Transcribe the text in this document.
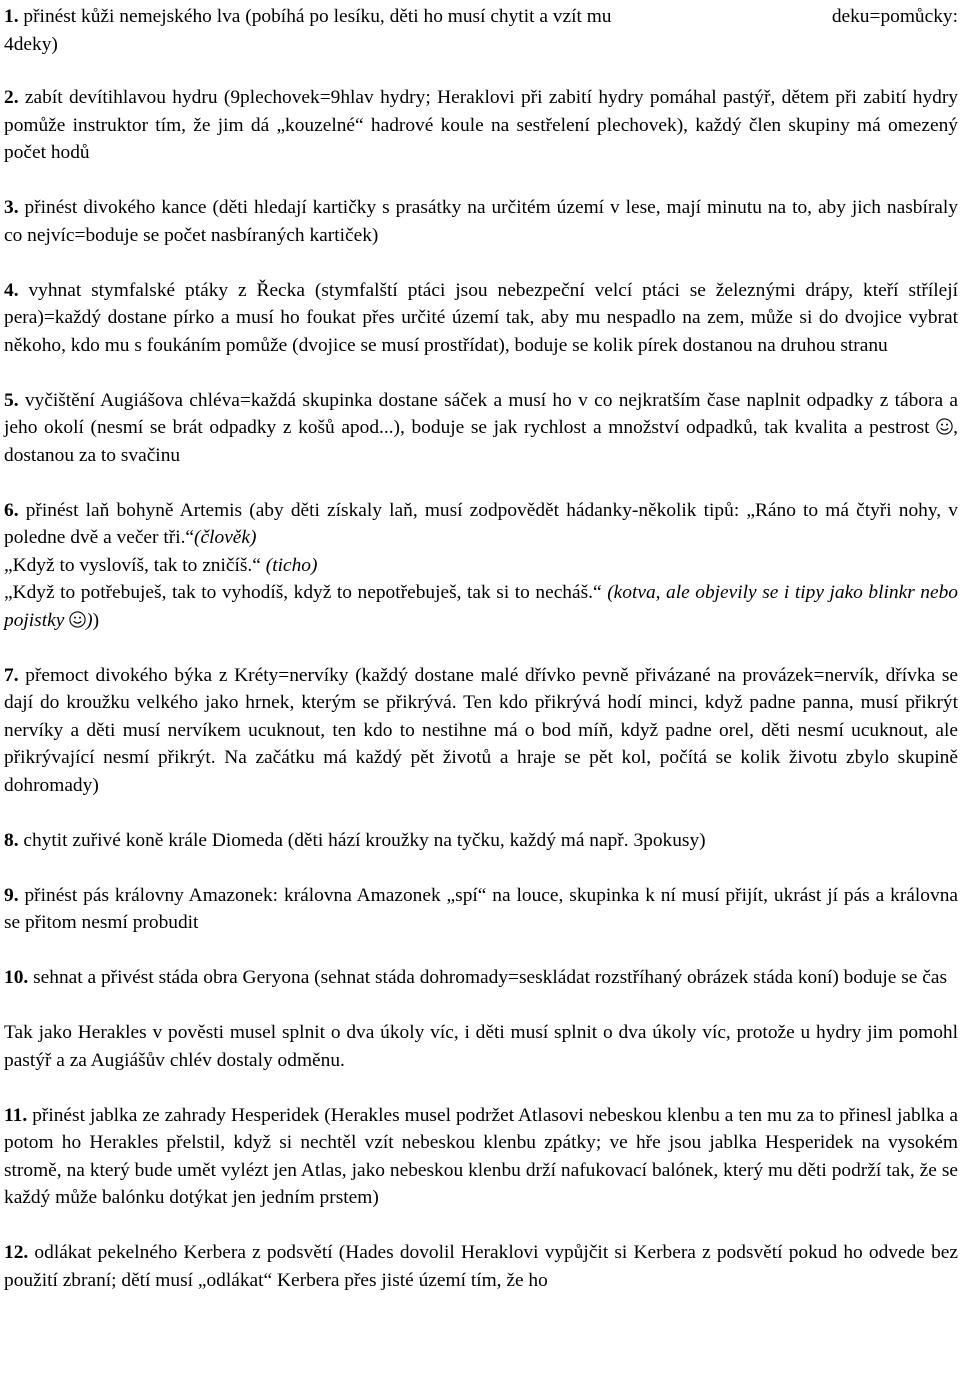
deku=pomůcky:
1. přinést kůži nemejského lva (pobíhá po lesíku, děti ho musí chytit a vzít mu
4deky)

2. zabít devítihlavou hydru (9plechovek=9hlav hydry; Heraklovi při zabití hydry pomáhal pastýř, dětem při zabití hydry pomůže instruktor tím, že jim dá „kouzelné“ hadrové koule na sestřelení plechovek), každý člen skupiny má omezený počet hodů

3. přinést divokého kance (děti hledají kartičky s prasátky na určitém území v lese, mají minutu na to, aby jich nasbíraly co nejvíc=boduje se počet nasbíraných kartiček)

4. vyhnat stymfalské ptáky z Řecka (stymfalští ptáci jsou nebezpeční velcí ptáci se železnými drápy, kteří střílejí pera)=každý dostane pírko a musí ho foukat přes určité území tak, aby mu nespadlo na zem, může si do dvojice vybrat někoho, kdo mu s foukáním pomůže (dvojice se musí prostřídat), boduje se kolik pírek dostanou na druhou stranu

5. vyčištění Augiášova chléva=každá skupinka dostane sáček a musí ho v co nejkratším čase naplnit odpadky z tábora a jeho okolí (nesmí se brát odpadky z košů apod...), boduje se jak rychlost a množství odpadků, tak kvalita a pestrost , dostanou za to svačinu

6. přinést laň bohyně Artemis (aby děti získaly laň, musí zodpovědět hádanky-několik tipů: „Ráno to má čtyři nohy, v poledne dvě a večer tři.“(člověk)
„Když to vyslovíš, tak to zničíš.“ (ticho)
„Když to potřebuješ, tak to vyhodíš, když to nepotřebuješ, tak si to necháš.“ (kotva, ale objevily se i tipy jako blinkr nebo pojistky ))

7. přemoct divokého býka z Kréty=nervíky (každý dostane malé dřívko pevně přivázané na provázek=nervík, dřívka se dají do kroužku velkého jako hrnek, kterým se přikrývá. Ten kdo přikrývá hodí minci, když padne panna, musí přikrýt nervíky a děti musí nervíkem ucuknout, ten kdo to nestihne má o bod míň, když padne orel, děti nesmí ucuknout, ale přikrývající nesmí přikrýt. Na začátku má každý pět životů a hraje se pět kol, počítá se kolik životu zbylo skupině dohromady)

8. chytit zuřivé koně krále Diomeda (děti hází kroužky na tyčku, každý má např. 3pokusy)

9. přinést pás královny Amazonek: královna Amazonek „spí“ na louce, skupinka k ní musí přijít, ukrást jí pás a královna se přitom nesmí probudit

10. sehnat a přivést stáda obra Geryona (sehnat stáda dohromady=seskládat rozstříhaný obrázek stáda koní) boduje se čas

Tak jako Herakles v pověsti musel splnit o dva úkoly víc, i děti musí splnit o dva úkoly víc, protože u hydry jim pomohl pastýř a za Augiášův chlév dostaly odměnu.

11. přinést jablka ze zahrady Hesperidek (Herakles musel podržet Atlasovi nebeskou klenbu a ten mu za to přinesl jablka a potom ho Herakles přelstil, když si nechtěl vzít nebeskou klenbu zpátky; ve hře jsou jablka Hesperidek na vysokém stromě, na který bude umět vylézt jen Atlas, jako nebeskou klenbu drží nafukovací balónek, který mu děti podrží tak, že se každý může balónku dotýkat jen jedním prstem)

12. odlákat pekelného Kerbera z podsvětí (Hades dovolil Heraklovi vypůjčit si Kerbera z podsvětí pokud ho odvede bez použití zbraní; dětí musí „odlákat“ Kerbera přes jisté území tím, že ho
